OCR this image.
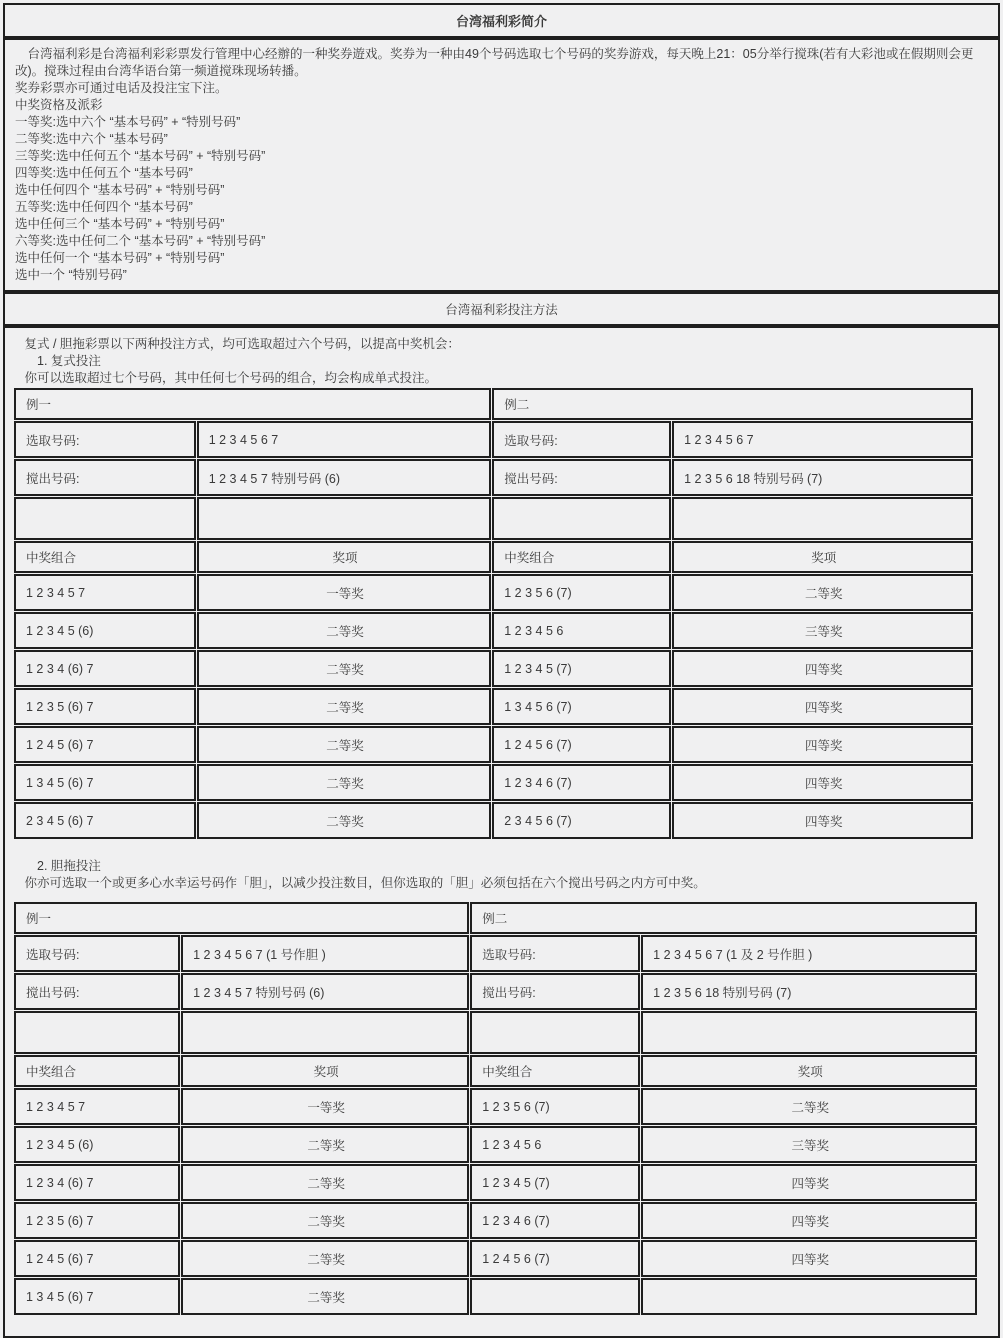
台湾福利彩简介
　台湾福利彩是台湾福利彩彩票发行管理中心经辦的一种奖券遊戏。奖券为一种由49个号码选取七个号码的奖券游戏，每天晚上21：05分举行搅珠(若有大彩池或在假期则会更改)。搅珠过程由台湾华语台第一频道搅珠现场转播。
奖券彩票亦可通过电话及投注宝下注。
中奖资格及派彩
一等奖:选中六个 “基本号码” + “特别号码”
二等奖:选中六个 “基本号码”
三等奖:选中任何五个 “基本号码” + “特别号码”
四等奖:选中任何五个 “基本号码”
选中任何四个 “基本号码” + “特别号码”
五等奖:选中任何四个 “基本号码”
选中任何三个 “基本号码” + “特别号码”
六等奖:选中任何二个 “基本号码” + “特别号码”
选中任何一个 “基本号码” + “特别号码”
选中一个 “特别号码”
台湾福利彩投注方法
　复式 / 胆拖彩票以下两种投注方式，均可选取超过六个号码，以提高中奖机会：
　　1. 复式投注
　你可以选取超过七个号码，其中任何七个号码的组合，均会构成单式投注。
例一		例二	
选取号码:	1 2 3 4 5 6 7	选取号码:	1 2 3 4 5 6 7
搅出号码:	1 2 3 4 5 7 特别号码 (6)	搅出号码:	1 2 3 5 6 18 特别号码 (7)

中奖组合	奖项	中奖组合	奖项
1 2 3 4 5 7	一等奖	1 2 3 5 6 (7)	二等奖
1 2 3 4 5 (6)	二等奖	1 2 3 4 5 6	三等奖
1 2 3 4 (6) 7	二等奖	1 2 3 4 5 (7)	四等奖
1 2 3 5 (6) 7	二等奖	1 3 4 5 6 (7)	四等奖
1 2 4 5 (6) 7	二等奖	1 2 4 5 6 (7)	四等奖
1 3 4 5 (6) 7	二等奖	1 2 3 4 6 (7)	四等奖
2 3 4 5 (6) 7	二等奖	2 3 4 5 6 (7)	四等奖
　　2. 胆拖投注
　你亦可选取一个或更多心水幸运号码作「胆」，以减少投注数目，但你选取的「胆」必须包括在六个搅出号码之内方可中奖。
例一		例二	
选取号码:	1 2 3 4 5 6 7 (1 号作胆 )	选取号码:	1 2 3 4 5 6 7 (1 及 2 号作胆 )
搅出号码:	1 2 3 4 5 7 特别号码 (6)	搅出号码:	1 2 3 5 6 18 特别号码 (7)

中奖组合	奖项	中奖组合	奖项
1 2 3 4 5 7	一等奖	1 2 3 5 6 (7)	二等奖
1 2 3 4 5 (6)	二等奖	1 2 3 4 5 6	三等奖
1 2 3 4 (6) 7	二等奖	1 2 3 4 5 (7)	四等奖
1 2 3 5 (6) 7	二等奖	1 2 3 4 6 (7)	四等奖
1 2 4 5 (6) 7	二等奖	1 2 4 5 6 (7)	四等奖
1 3 4 5 (6) 7	二等奖		
